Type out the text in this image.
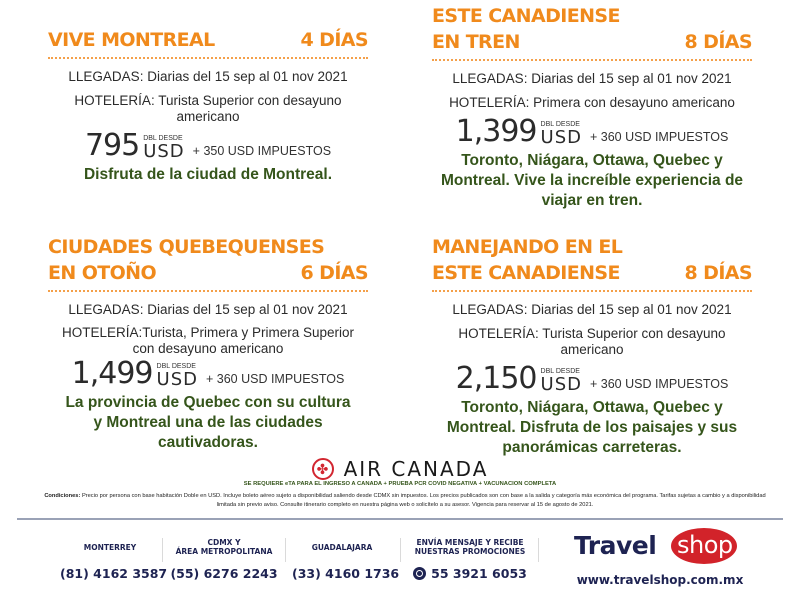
VIVE MONTREAL	4 DÍAS
LLEGADAS: Diarias del 15 sep al 01 nov 2021
HOTELERÍA: Turista Superior con desayuno americano
795 DBL DESDE
USD + 350 USD IMPUESTOS
Disfruta de la ciudad de Montreal.
ESTE CANADIENSE
EN TREN	8 DÍAS
LLEGADAS: Diarias del 15 sep al 01 nov 2021
HOTELERÍA: Primera con desayuno americano
1,399 DBL DESDE
USD + 360 USD IMPUESTOS
Toronto, Niágara, Ottawa, Quebec y Montreal. Vive la increíble experiencia de viajar en tren.
CIUDADES QUEBEQUENSES
EN OTOÑO	6 DÍAS
LLEGADAS: Diarias del 15 sep al 01 nov 2021
HOTELERÍA:Turista, Primera y Primera Superior con desayuno americano
1,499 DBL DESDE
USD + 360 USD IMPUESTOS
La provincia de Quebec con su cultura y Montreal una de las ciudades cautivadoras.
MANEJANDO EN EL
ESTE CANADIENSE	8 DÍAS
LLEGADAS: Diarias del 15 sep al 01 nov 2021
HOTELERÍA: Turista Superior con desayuno americano
2,150 DBL DESDE
USD + 360 USD IMPUESTOS
Toronto, Niágara, Ottawa, Quebec y Montreal. Disfruta de los paisajes y sus panorámicas carreteras.
✤ AIR CANADA
SE REQUIERE eTA PARA EL INGRESO A CANADA + PRUEBA PCR COVID NEGATIVA + VACUNACION COMPLETA
Condiciones: Precio por persona con base habitación Doble en USD. Incluye boleto aéreo sujeto a disponibilidad saliendo desde CDMX sin impuestos. Los precios publicados son con base a la salida y categoría más económica del programa. Tarifas sujetas a cambio y a disponibilidad limitada sin previo aviso. Consulte itinerario completo en nuestra página web o solicítelo a su asesor. Vigencia para reservar al 15 de agosto de 2021.
MONTERREY
(81) 4162 3587
CDMX Y
ÁREA METROPOLITANA
(55) 6276 2243
GUADALAJARA
(33) 4160 1736
ENVÍA MENSAJE Y RECIBE
NUESTRAS PROMOCIONES
55 3921 6053
Travel shop
www.travelshop.com.mx
